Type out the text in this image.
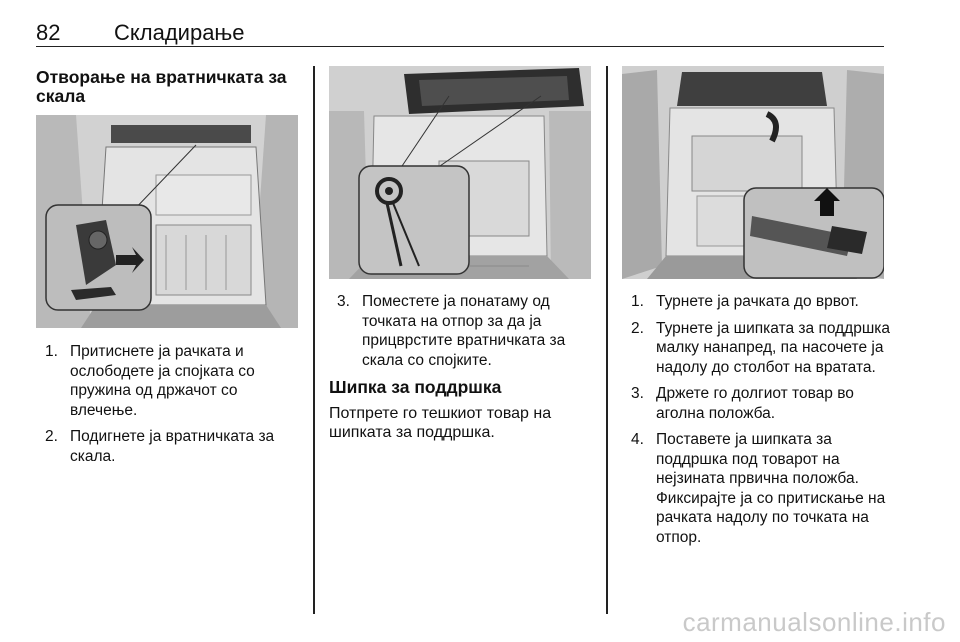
82 Складирање
Отворање на вратничката за скала
1. Притиснете ја рачката и ослободете ја спојката со пружина од држачот со влечење.
2. Подигнете ја вратничката за скала.
3. Поместете ја понатаму од точката на отпор за да ја прицврстите вратничката за скала со спојките.
Шипка за поддршка

Потпрете го тешкиот товар на шипката за поддршка.

1. Турнете ја рачката до врвот.
2. Турнете ја шипката за поддршка малку нанапред, па насочете ја надолу до столбот на вратата.
3. Држете го долгиот товар во аголна положба.
4. Поставете ја шипката за поддршка под товарот на нејзината првична положба. Фиксирајте ја со притискање на рачката надолу по точката на отпор.
carmanualsonline.info
